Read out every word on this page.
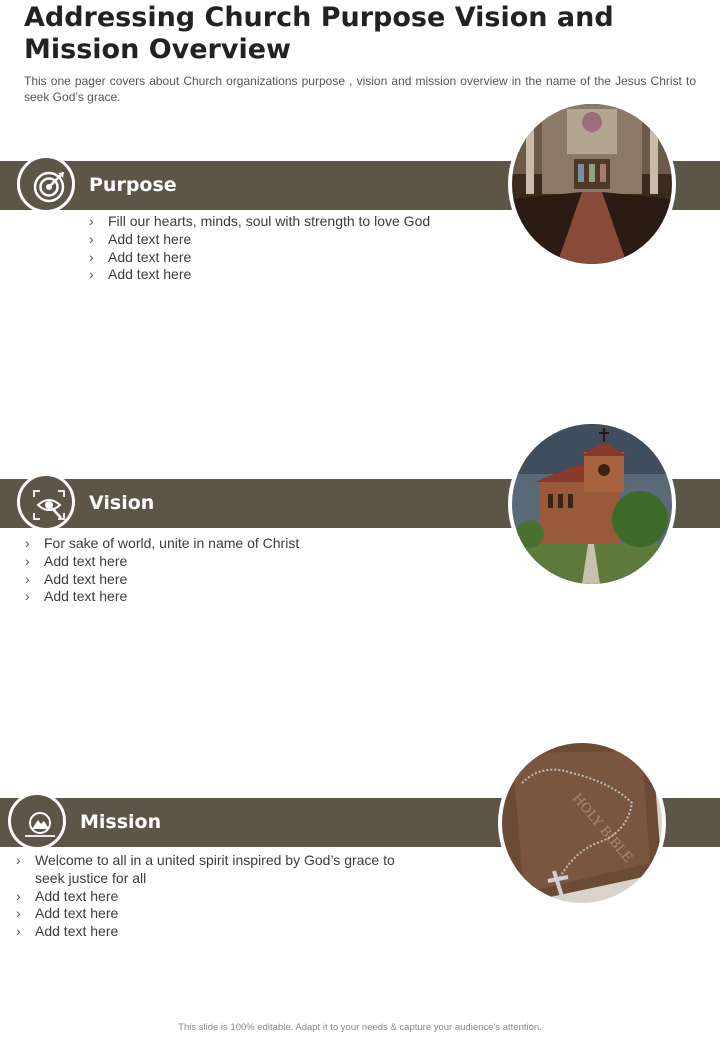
Addressing Church Purpose Vision and Mission Overview
This one pager covers about Church organizations purpose , vision and mission overview in the name of the Jesus Christ to seek God’s grace.
Purpose
› Fill our hearts, minds, soul with strength to love God
› Add text here
› Add text here
› Add text here
Vision
› For sake of world, unite in name of Christ
› Add text here
› Add text here
› Add text here
Mission	HOLY BIBLE
› Welcome to all in a united spirit inspired by God’s grace to seek justice for all
› Add text here
› Add text here
› Add text here
This slide is 100% editable. Adapt it to your needs & capture your audience’s attention.
